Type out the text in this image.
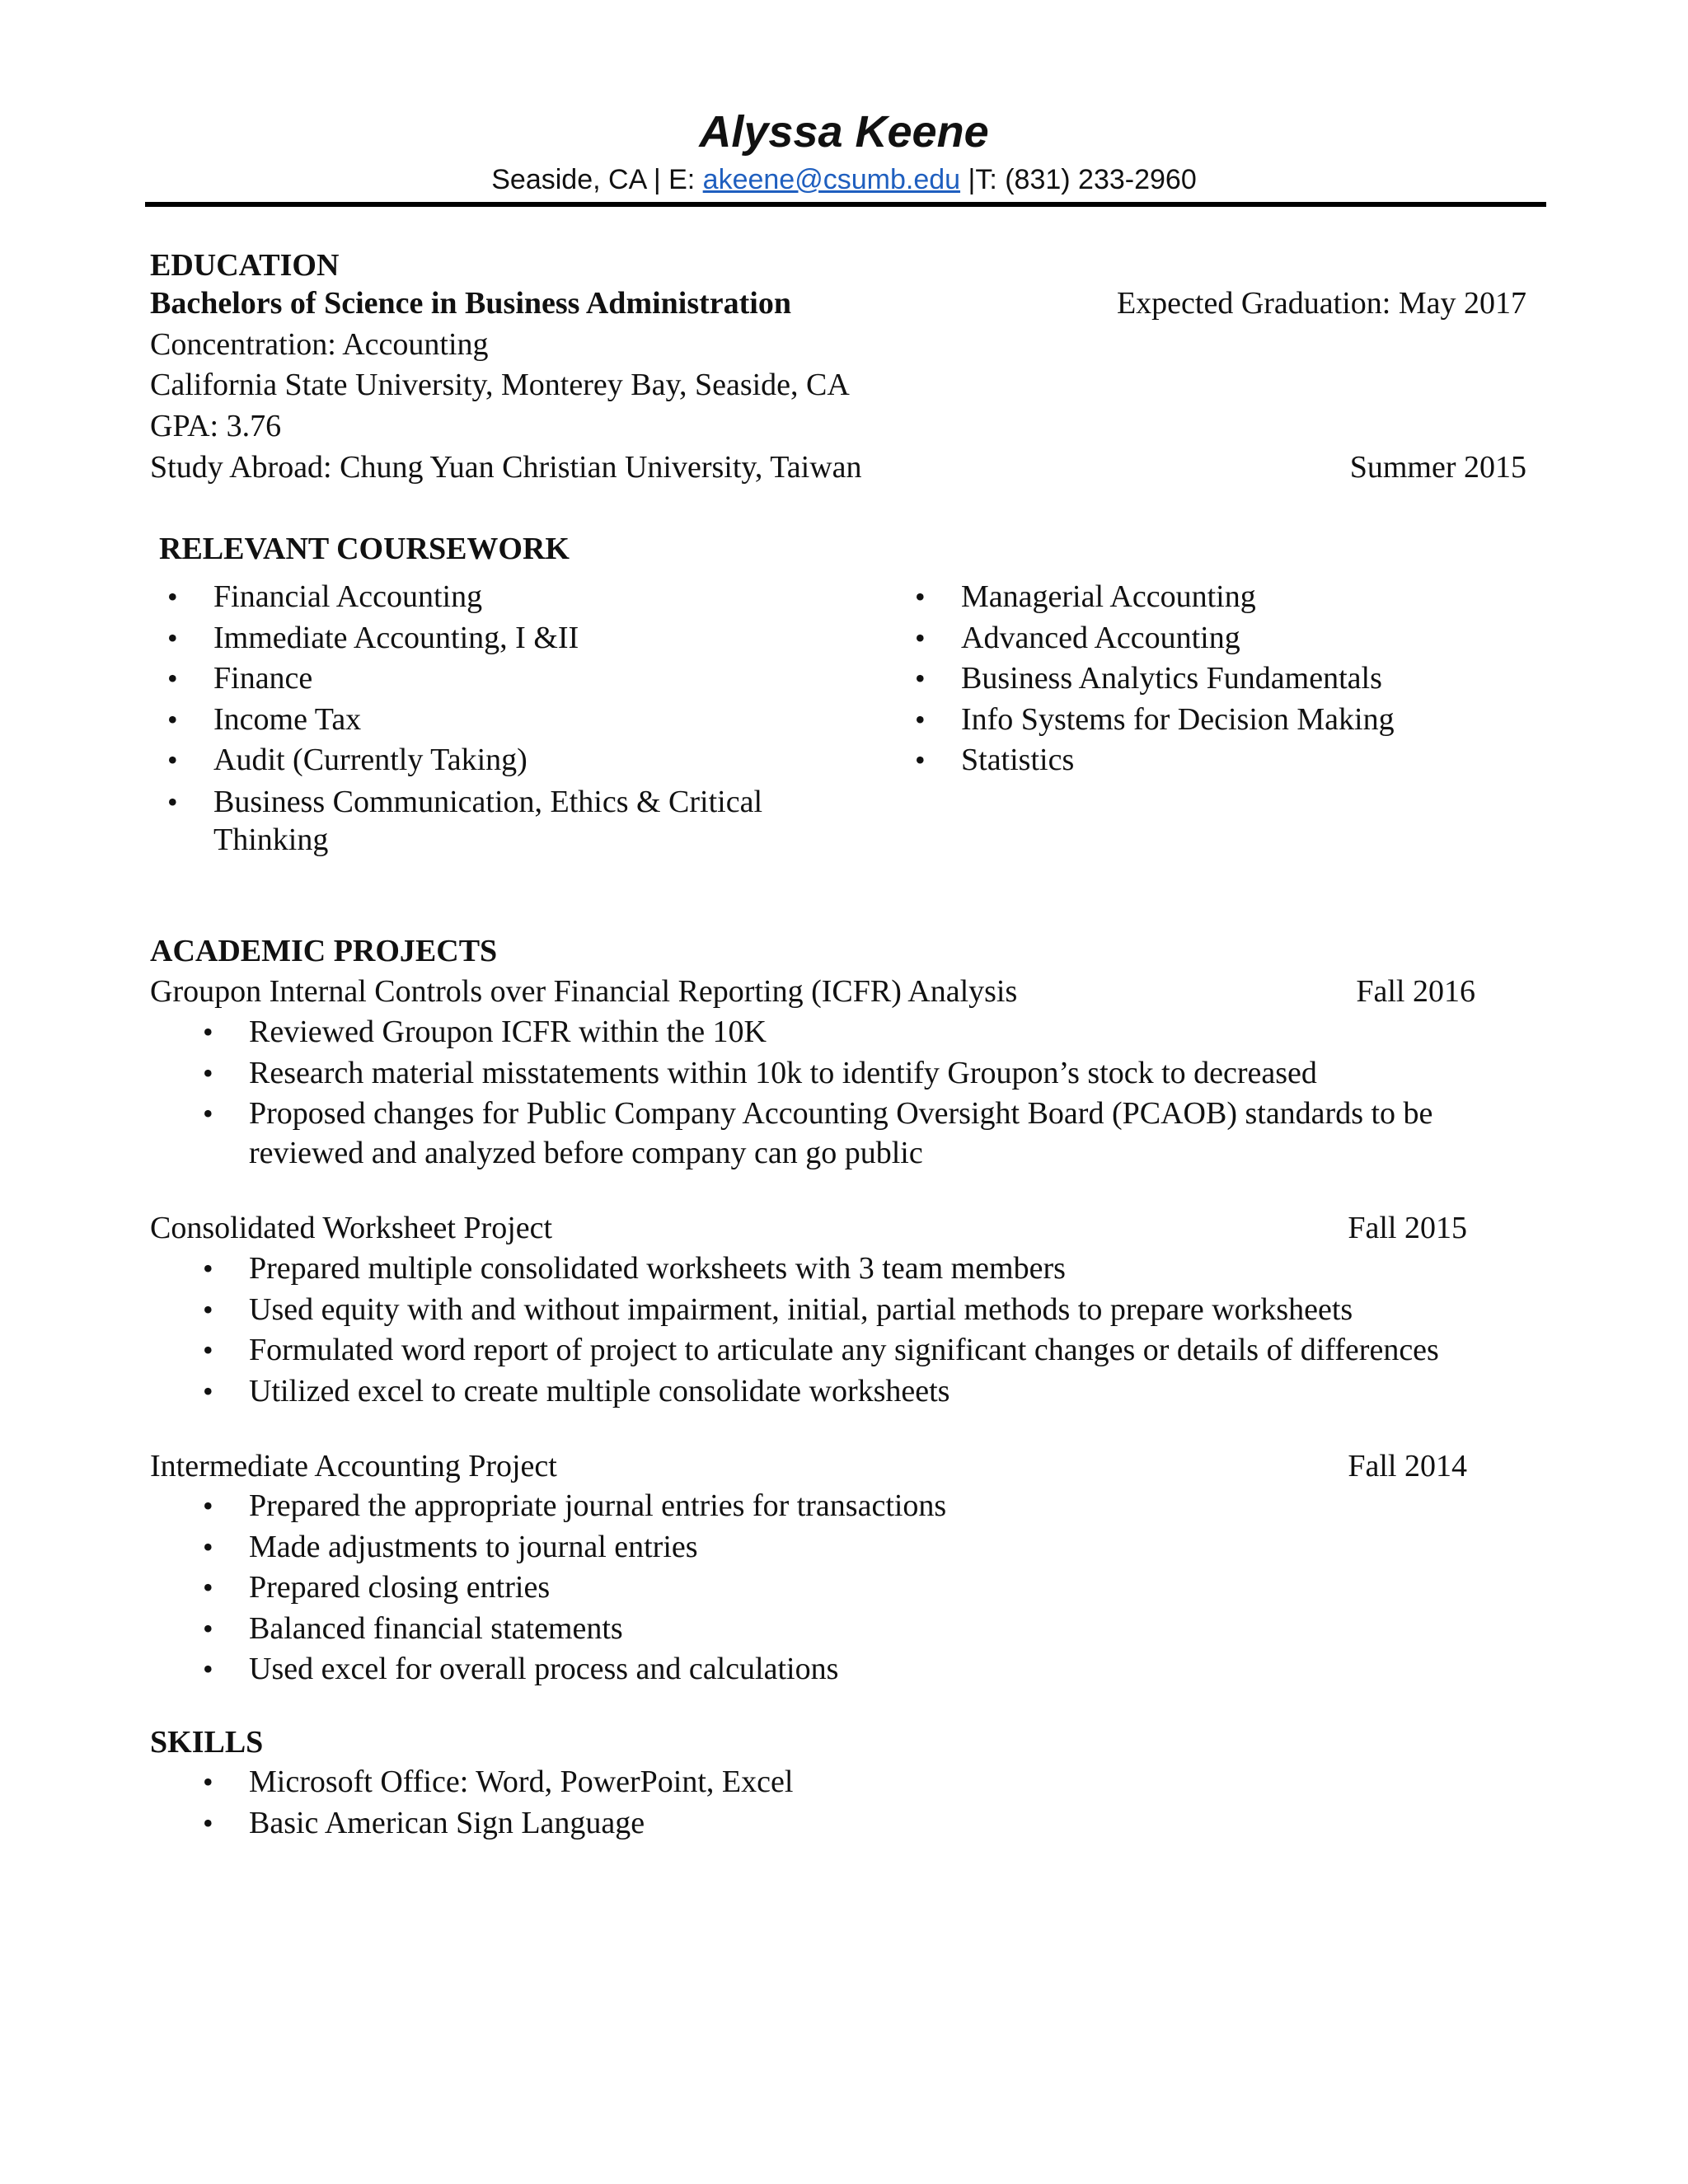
Alyssa Keene
Seaside, CA | E: akeene@csumb.edu |T: (831) 233-2960
EDUCATION
Bachelors of Science in Business Administration	Expected Graduation: May 2017
Concentration: Accounting
California State University, Monterey Bay, Seaside, CA
GPA: 3.76
Study Abroad: Chung Yuan Christian University, Taiwan	Summer 2015
RELEVANT COURSEWORK
• Financial Accounting
• Immediate Accounting, I &II
• Finance
• Income Tax
• Audit (Currently Taking)
• Business Communication, Ethics & Critical Thinking
• Managerial Accounting
• Advanced Accounting
• Business Analytics Fundamentals
• Info Systems for Decision Making
• Statistics
ACADEMIC PROJECTS
Groupon Internal Controls over Financial Reporting (ICFR) Analysis	Fall 2016
• Reviewed Groupon ICFR within the 10K
• Research material misstatements within 10k to identify Groupon’s stock to decreased
• Proposed changes for Public Company Accounting Oversight Board (PCAOB) standards to be reviewed and analyzed before company can go public
Consolidated Worksheet Project	Fall 2015
• Prepared multiple consolidated worksheets with 3 team members
• Used equity with and without impairment, initial, partial methods to prepare worksheets
• Formulated word report of project to articulate any significant changes or details of differences
• Utilized excel to create multiple consolidate worksheets
Intermediate Accounting Project	Fall 2014
• Prepared the appropriate journal entries for transactions
• Made adjustments to journal entries
• Prepared closing entries
• Balanced financial statements
• Used excel for overall process and calculations
SKILLS
• Microsoft Office: Word, PowerPoint, Excel
• Basic American Sign Language
